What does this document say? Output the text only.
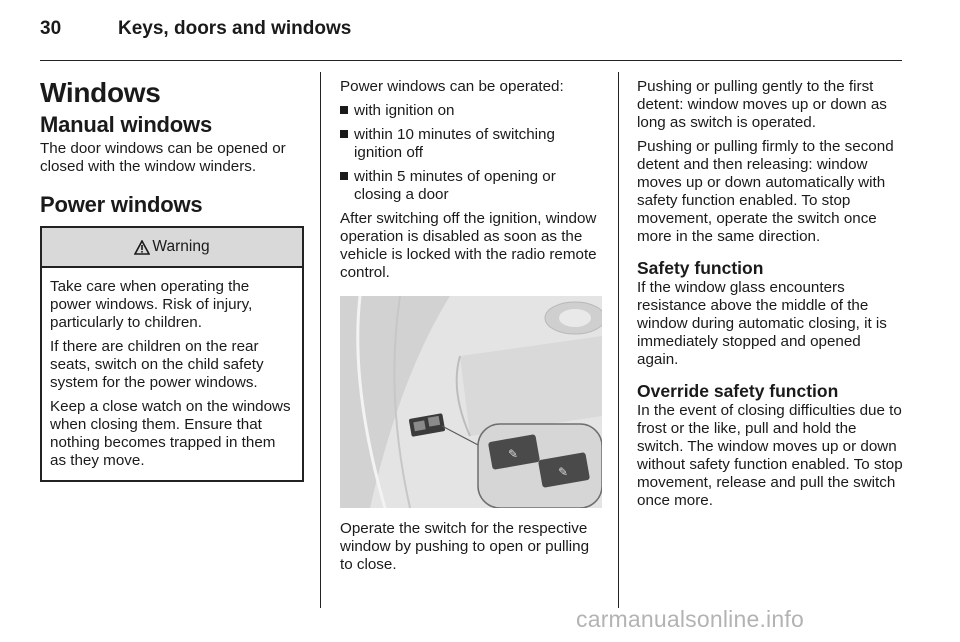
30	Keys, doors and windows
Windows
Manual windows

The door windows can be opened or closed with the window winders.

Power windows
Warning

Take care when operating the power windows. Risk of injury, particularly to children.

If there are children on the rear seats, switch on the child safety system for the power windows.

Keep a close watch on the windows when closing them. Ensure that nothing becomes trapped in them as they move.

Power windows can be operated:

with ignition on
within 10 minutes of switching ignition off
within 5 minutes of opening or closing a door

After switching off the ignition, window operation is disabled as soon as the vehicle is locked with the radio remote control.

✎
✎

Operate the switch for the respective window by pushing to open or pulling to close.

Pushing or pulling gently to the first detent: window moves up or down as long as switch is operated.

Pushing or pulling firmly to the second detent and then releasing: window moves up or down automatically with safety function enabled. To stop movement, operate the switch once more in the same direction.

Safety function

If the window glass encounters resistance above the middle of the window during automatic closing, it is immediately stopped and opened again.

Override safety function

In the event of closing difficulties due to frost or the like, pull and hold the switch. The window moves up or down without safety function enabled. To stop movement, release and pull the switch once more.

carmanualsonline.info
